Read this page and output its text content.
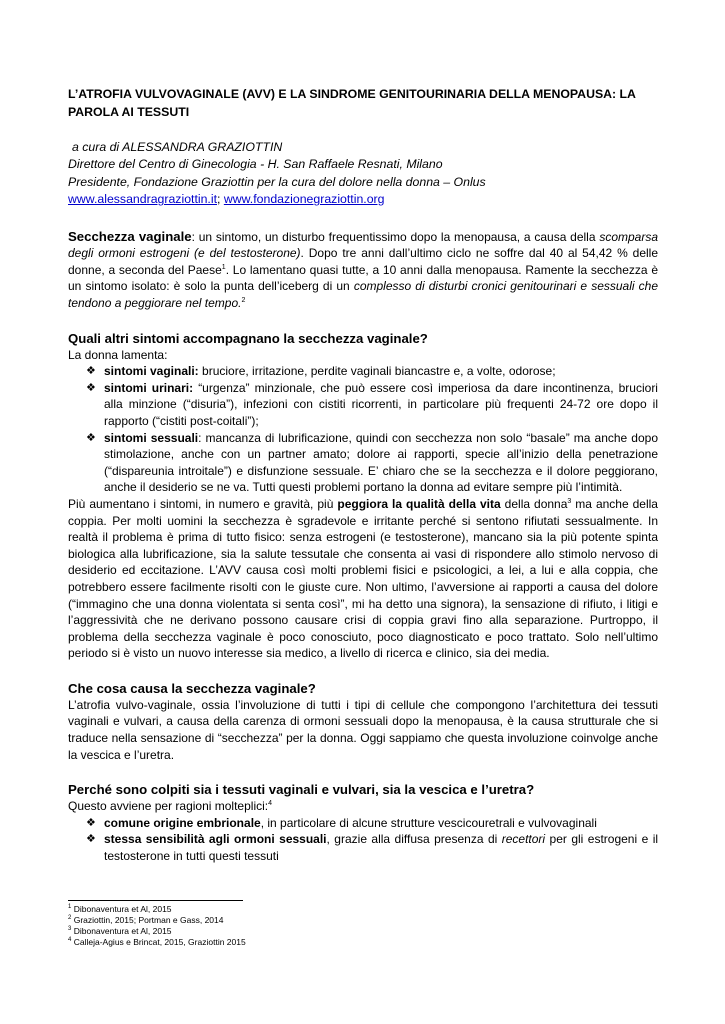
L’ATROFIA VULVOVAGINALE (AVV) E LA SINDROME GENITOURINARIA DELLA MENOPAUSA: LA PAROLA AI TESSUTI

a cura di ALESSANDRA GRAZIOTTIN
Direttore del Centro di Ginecologia - H. San Raffaele Resnati, Milano
Presidente, Fondazione Graziottin per la cura del dolore nella donna – Onlus
www.alessandragraziottin.it; www.fondazionegraziottin.org

Secchezza vaginale: un sintomo, un disturbo frequentissimo dopo la menopausa, a causa della scomparsa degli ormoni estrogeni (e del testosterone). Dopo tre anni dall’ultimo ciclo ne soffre dal 40 al 54,42 % delle donne, a seconda del Paese$^1$. Lo lamentano quasi tutte, a 10 anni dalla menopausa. Ramente la secchezza è un sintomo isolato: è solo la punta dell’iceberg di un complesso di disturbi cronici genitourinari e sessuali che tendono a peggiorare nel tempo.$^2$

Quali altri sintomi accompagnano la secchezza vaginale?

La donna lamenta:

❖ sintomi vaginali: bruciore, irritazione, perdite vaginali biancastre e, a volte, odorose;
❖ sintomi urinari: “urgenza” minzionale, che può essere così imperiosa da dare incontinenza, bruciori alla minzione (“disuria”), infezioni con cistiti ricorrenti, in particolare più frequenti 24-72 ore dopo il rapporto (“cistiti post-coitali”);
❖ sintomi sessuali: mancanza di lubrificazione, quindi con secchezza non solo “basale” ma anche dopo stimolazione, anche con un partner amato; dolore ai rapporti, specie all’inizio della penetrazione (“dispareunia introitale”) e disfunzione sessuale. E’ chiaro che se la secchezza e il dolore peggiorano, anche il desiderio se ne va. Tutti questi problemi portano la donna ad evitare sempre più l’intimità.

Più aumentano i sintomi, in numero e gravità, più peggiora la qualità della vita della donna$^3$ ma anche della coppia. Per molti uomini la secchezza è sgradevole e irritante perché si sentono rifiutati sessualmente. In realtà il problema è prima di tutto fisico: senza estrogeni (e testosterone), mancano sia la più potente spinta biologica alla lubrificazione, sia la salute tessutale che consenta ai vasi di rispondere allo stimolo nervoso di desiderio ed eccitazione. L’AVV causa così molti problemi fisici e psicologici, a lei, a lui e alla coppia, che potrebbero essere facilmente risolti con le giuste cure. Non ultimo, l’avversione ai rapporti a causa del dolore (“immagino che una donna violentata si senta così”, mi ha detto una signora), la sensazione di rifiuto, i litigi e l’aggressività che ne derivano possono causare crisi di coppia gravi fino alla separazione. Purtroppo, il problema della secchezza vaginale è poco conosciuto, poco diagnosticato e poco trattato. Solo nell’ultimo periodo si è visto un nuovo interesse sia medico, a livello di ricerca e clinico, sia dei media.

Che cosa causa la secchezza vaginale?

L’atrofia vulvo-vaginale, ossia l’involuzione di tutti i tipi di cellule che compongono l’architettura dei tessuti vaginali e vulvari, a causa della carenza di ormoni sessuali dopo la menopausa, è la causa strutturale che si traduce nella sensazione di “secchezza” per la donna. Oggi sappiamo che questa involuzione coinvolge anche la vescica e l’uretra.

Perché sono colpiti sia i tessuti vaginali e vulvari, sia la vescica e l’uretra?

Questo avviene per ragioni molteplici:$^4$

❖ comune origine embrionale, in particolare di alcune strutture vescicouretrali e vulvovaginali
❖ stessa sensibilità agli ormoni sessuali, grazie alla diffusa presenza di recettori per gli estrogeni e il testosterone in tutti questi tessuti
$^1$ Dibonaventura et Al, 2015
$^2$ Graziottin, 2015; Portman e Gass, 2014
$^3$ Dibonaventura et Al, 2015
$^4$ Calleja-Agius e Brincat, 2015, Graziottin 2015
